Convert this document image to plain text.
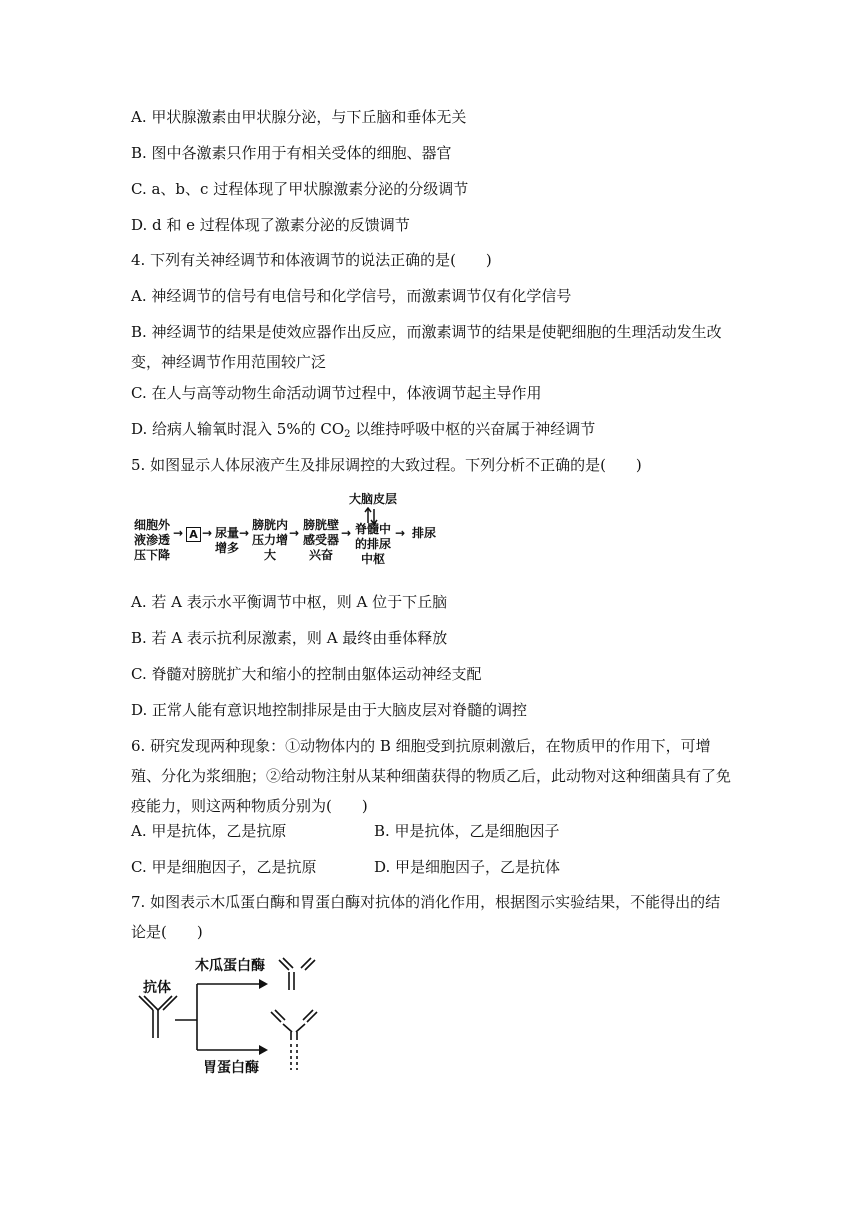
A. 甲状腺激素由甲状腺分泌，与下丘脑和垂体无关
B. 图中各激素只作用于有相关受体的细胞、器官
C. a、b、c 过程体现了甲状腺激素分泌的分级调节
D. d 和 e 过程体现了激素分泌的反馈调节
4. 下列有关神经调节和体液调节的说法正确的是(　　)
A. 神经调节的信号有电信号和化学信号，而激素调节仅有化学信号
B. 神经调节的结果是使效应器作出反应，而激素调节的结果是使靶细胞的生理活动发生改变，神经调节作用范围较广泛
C. 在人与高等动物生命活动调节过程中，体液调节起主导作用
D. 给病人输氧时混入 5%的 $CO_2$ 以维持呼吸中枢的兴奋属于神经调节
5. 如图显示人体尿液产生及排尿调控的大致过程。下列分析不正确的是(　　)
细胞外液渗透压下降
→ A → 尿量增多
→
膀胱内压力增大
→
膀胱壁感受器兴奋
→
大脑皮层
脊髓中的排尿中枢
→ 排尿
A. 若 A 表示水平衡调节中枢，则 A 位于下丘脑
B. 若 A 表示抗利尿激素，则 A 最终由垂体释放
C. 脊髓对膀胱扩大和缩小的控制由躯体运动神经支配
D. 正常人能有意识地控制排尿是由于大脑皮层对脊髓的调控
6. 研究发现两种现象：①动物体内的 B 细胞受到抗原刺激后，在物质甲的作用下，可增殖、分化为浆细胞；②给动物注射从某种细菌获得的物质乙后，此动物对这种细菌具有了免疫能力，则这两种物质分别为(　　)
A. 甲是抗体，乙是抗原	B. 甲是抗体，乙是细胞因子
C. 甲是细胞因子，乙是抗原	D. 甲是细胞因子，乙是抗体
7. 如图表示木瓜蛋白酶和胃蛋白酶对抗体的消化作用，根据图示实验结果，不能得出的结论是(　　)
抗体
木瓜蛋白酶
胃蛋白酶
